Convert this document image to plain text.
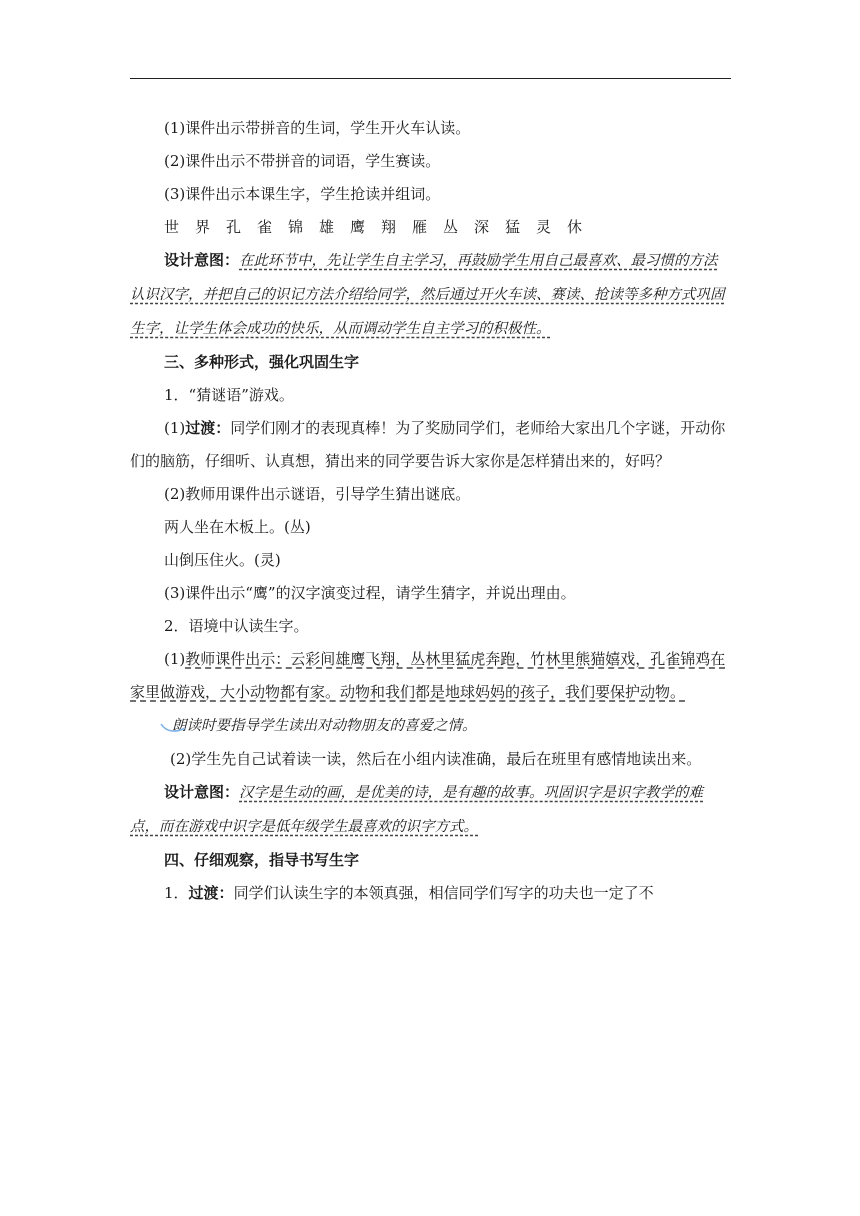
(1)课件出示带拼音的生词，学生开火车认读。

(2)课件出示不带拼音的词语，学生赛读。

(3)课件出示本课生字，学生抢读并组词。

世 界 孔 雀 锦 雄 鹰 翔 雁 丛 深 猛 灵 休

设计意图：在此环节中，先让学生自主学习，再鼓励学生用自己最喜欢、最习惯的方法认识汉字，并把自己的识记方法介绍给同学，然后通过开火车读、赛读、抢读等多种方式巩固生字，让学生体会成功的快乐，从而调动学生自主学习的积极性。

三、多种形式，强化巩固生字

1．“猜谜语”游戏。

(1)过渡：同学们刚才的表现真棒！为了奖励同学们，老师给大家出几个字谜，开动你们的脑筋，仔细听、认真想，猜出来的同学要告诉大家你是怎样猜出来的，好吗？

(2)教师用课件出示谜语，引导学生猜出谜底。

两人坐在木板上。(丛)

山倒压住火。(灵)

(3)课件出示“鹰”的汉字演变过程，请学生猜字，并说出理由。

2．语境中认读生字。

(1)教师课件出示：云彩间雄鹰飞翔，丛林里猛虎奔跑，竹林里熊猫嬉戏，孔雀锦鸡在家里做游戏，大小动物都有家。动物和我们都是地球妈妈的孩子，我们要保护动物。

朗读时要指导学生读出对动物朋友的喜爱之情。

(2)学生先自己试着读一读，然后在小组内读准确，最后在班里有感情地读出来。

设计意图：汉字是生动的画，是优美的诗，是有趣的故事。巩固识字是识字教学的难点，而在游戏中识字是低年级学生最喜欢的识字方式。

四、仔细观察，指导书写生字

1．过渡：同学们认读生字的本领真强，相信同学们写字的功夫也一定了不
